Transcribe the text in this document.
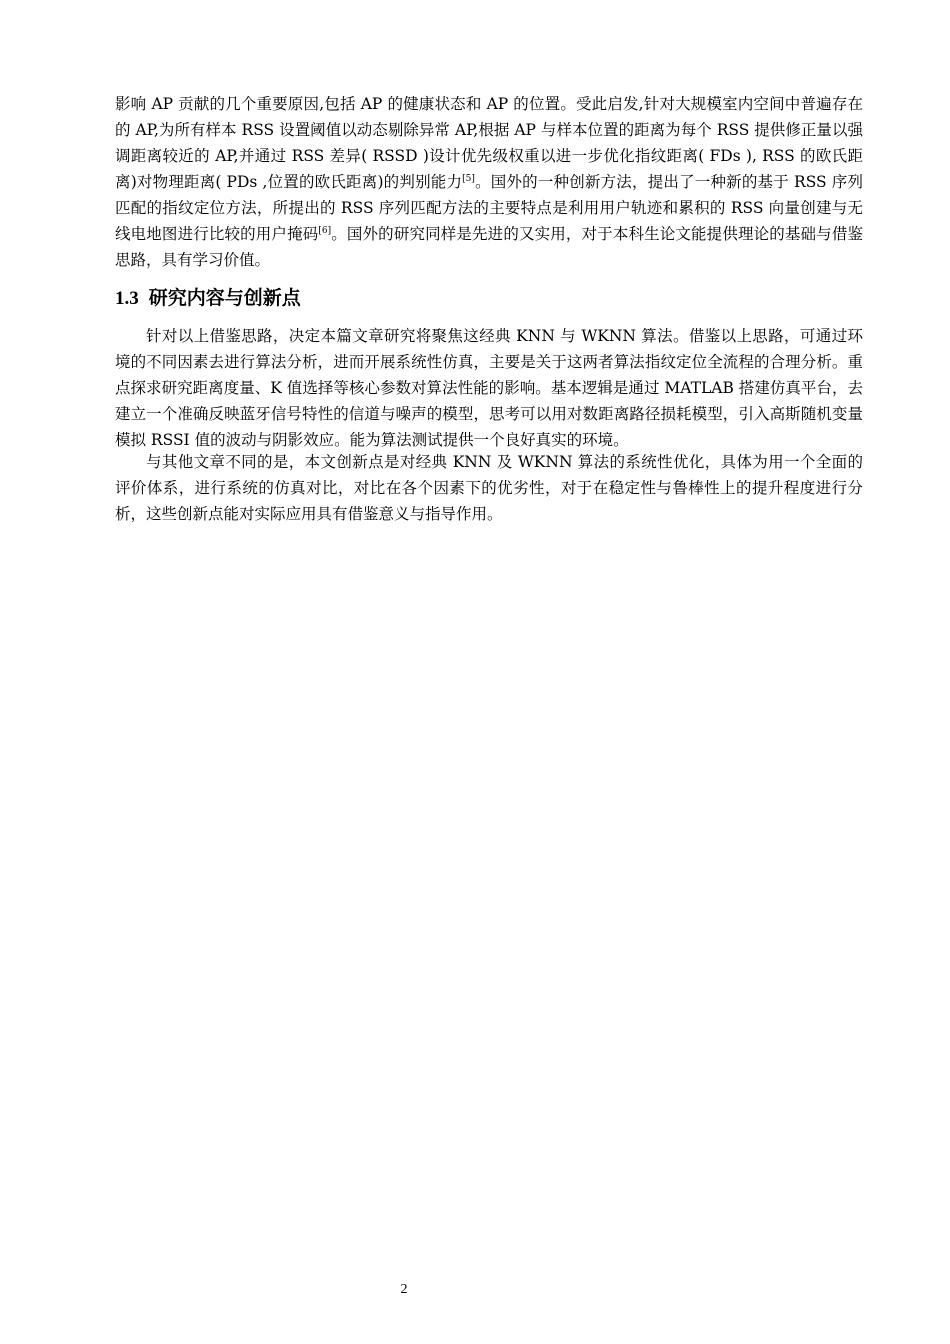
影响 AP 贡献的几个重要原因,包括 AP 的健康状态和 AP 的位置。受此启发,针对大规模室内空间中普遍存在的 AP,为所有样本 RSS 设置阈值以动态剔除异常 AP,根据 AP 与样本位置的距离为每个 RSS 提供修正量以强调距离较近的 AP,并通过 RSS 差异( RSSD )设计优先级权重以进一步优化指纹距离( FDs ), RSS 的欧氏距离)对物理距离( PDs ,位置的欧氏距离)的判别能力[5]。国外的一种创新方法，提出了一种新的基于 RSS 序列匹配的指纹定位方法，所提出的 RSS 序列匹配方法的主要特点是利用用户轨迹和累积的 RSS 向量创建与无线电地图进行比较的用户掩码[6]。国外的研究同样是先进的又实用，对于本科生论文能提供理论的基础与借鉴思路，具有学习价值。

1.3 研究内容与创新点

针对以上借鉴思路，决定本篇文章研究将聚焦这经典 KNN 与 WKNN 算法。借鉴以上思路，可通过环境的不同因素去进行算法分析，进而开展系统性仿真，主要是关于这两者算法指纹定位全流程的合理分析。重点探求研究距离度量、K 值选择等核心参数对算法性能的影响。基本逻辑是通过 MATLAB 搭建仿真平台，去建立一个准确反映蓝牙信号特性的信道与噪声的模型，思考可以用对数距离路径损耗模型，引入高斯随机变量模拟 RSSI 值的波动与阴影效应。能为算法测试提供一个良好真实的环境。

与其他文章不同的是，本文创新点是对经典 KNN 及 WKNN 算法的系统性优化，具体为用一个全面的评价体系，进行系统的仿真对比，对比在各个因素下的优劣性，对于在稳定性与鲁棒性上的提升程度进行分析，这些创新点能对实际应用具有借鉴意义与指导作用。

2
